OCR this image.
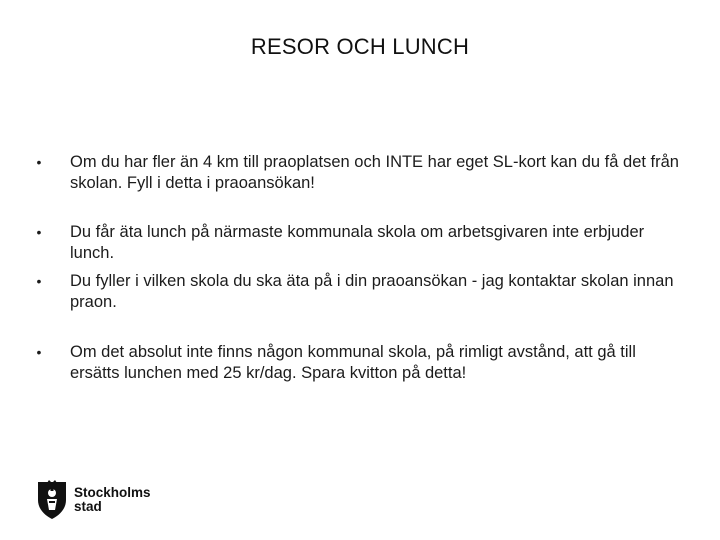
RESOR OCH LUNCH
• Om du har fler än 4 km till praoplatsen och INTE har eget SL-kort kan du få det från skolan. Fyll i detta i praoansökan!
• Du får äta lunch på närmaste kommunala skola om arbetsgivaren inte erbjuder lunch.
• Du fyller i vilken skola du ska äta på i din praoansökan - jag kontaktar skolan innan praon.
• Om det absolut inte finns någon kommunal skola, på rimligt avstånd, att gå till ersätts lunchen med 25 kr/dag. Spara kvitton på detta!
Stockholms
stad
